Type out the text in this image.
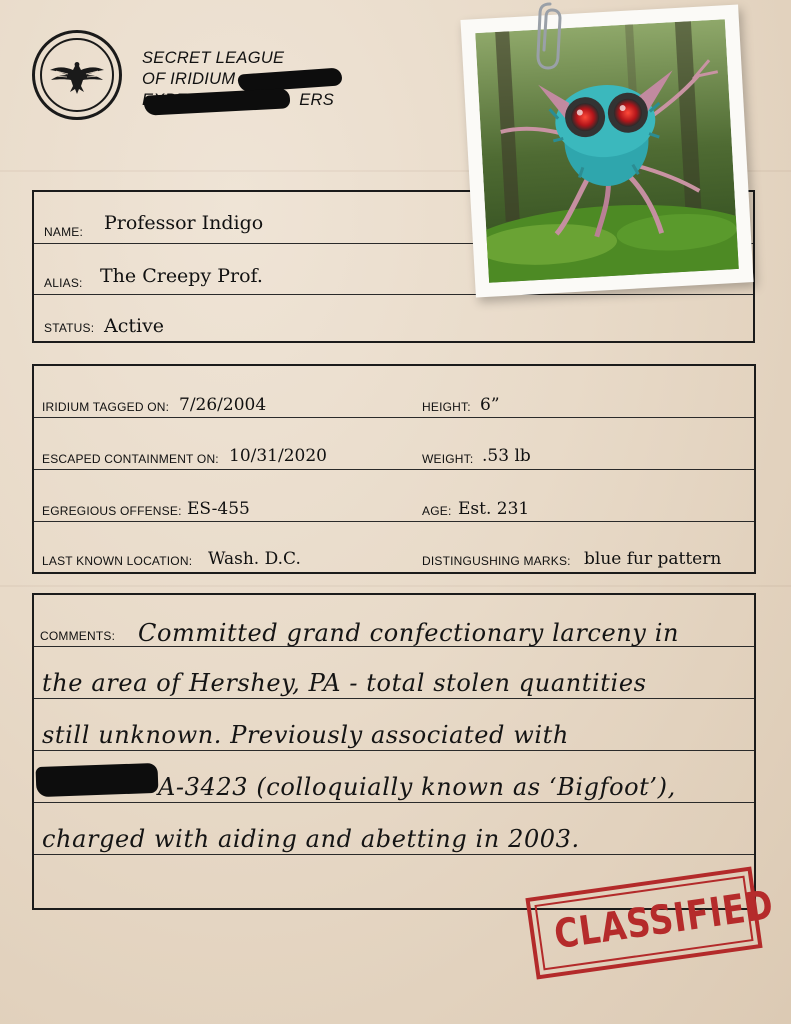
SECRET LEAGUE
OF IRIDIUM
ERS
NAME: Professor Indigo
ALIAS: The Creepy Prof.
STATUS: Active
IRIDIUM TAGGED ON: 7/26/2004	HEIGHT: 6”
ESCAPED CONTAINMENT ON: 10/31/2020	WEIGHT: .53 lb
EGREGIOUS OFFENSE: ES-455	AGE: Est. 231
LAST KNOWN LOCATION: Wash. D.C.	DISTINGUSHING MARKS: blue fur pattern
COMMENTS: Committed grand confectionary larceny in
the area of Hershey, PA - total stolen quantities
still unknown. Previously associated with
A-3423 (colloquially known as ‘Bigfoot’),
charged with aiding and abetting in 2003.
CLASSIFIED
